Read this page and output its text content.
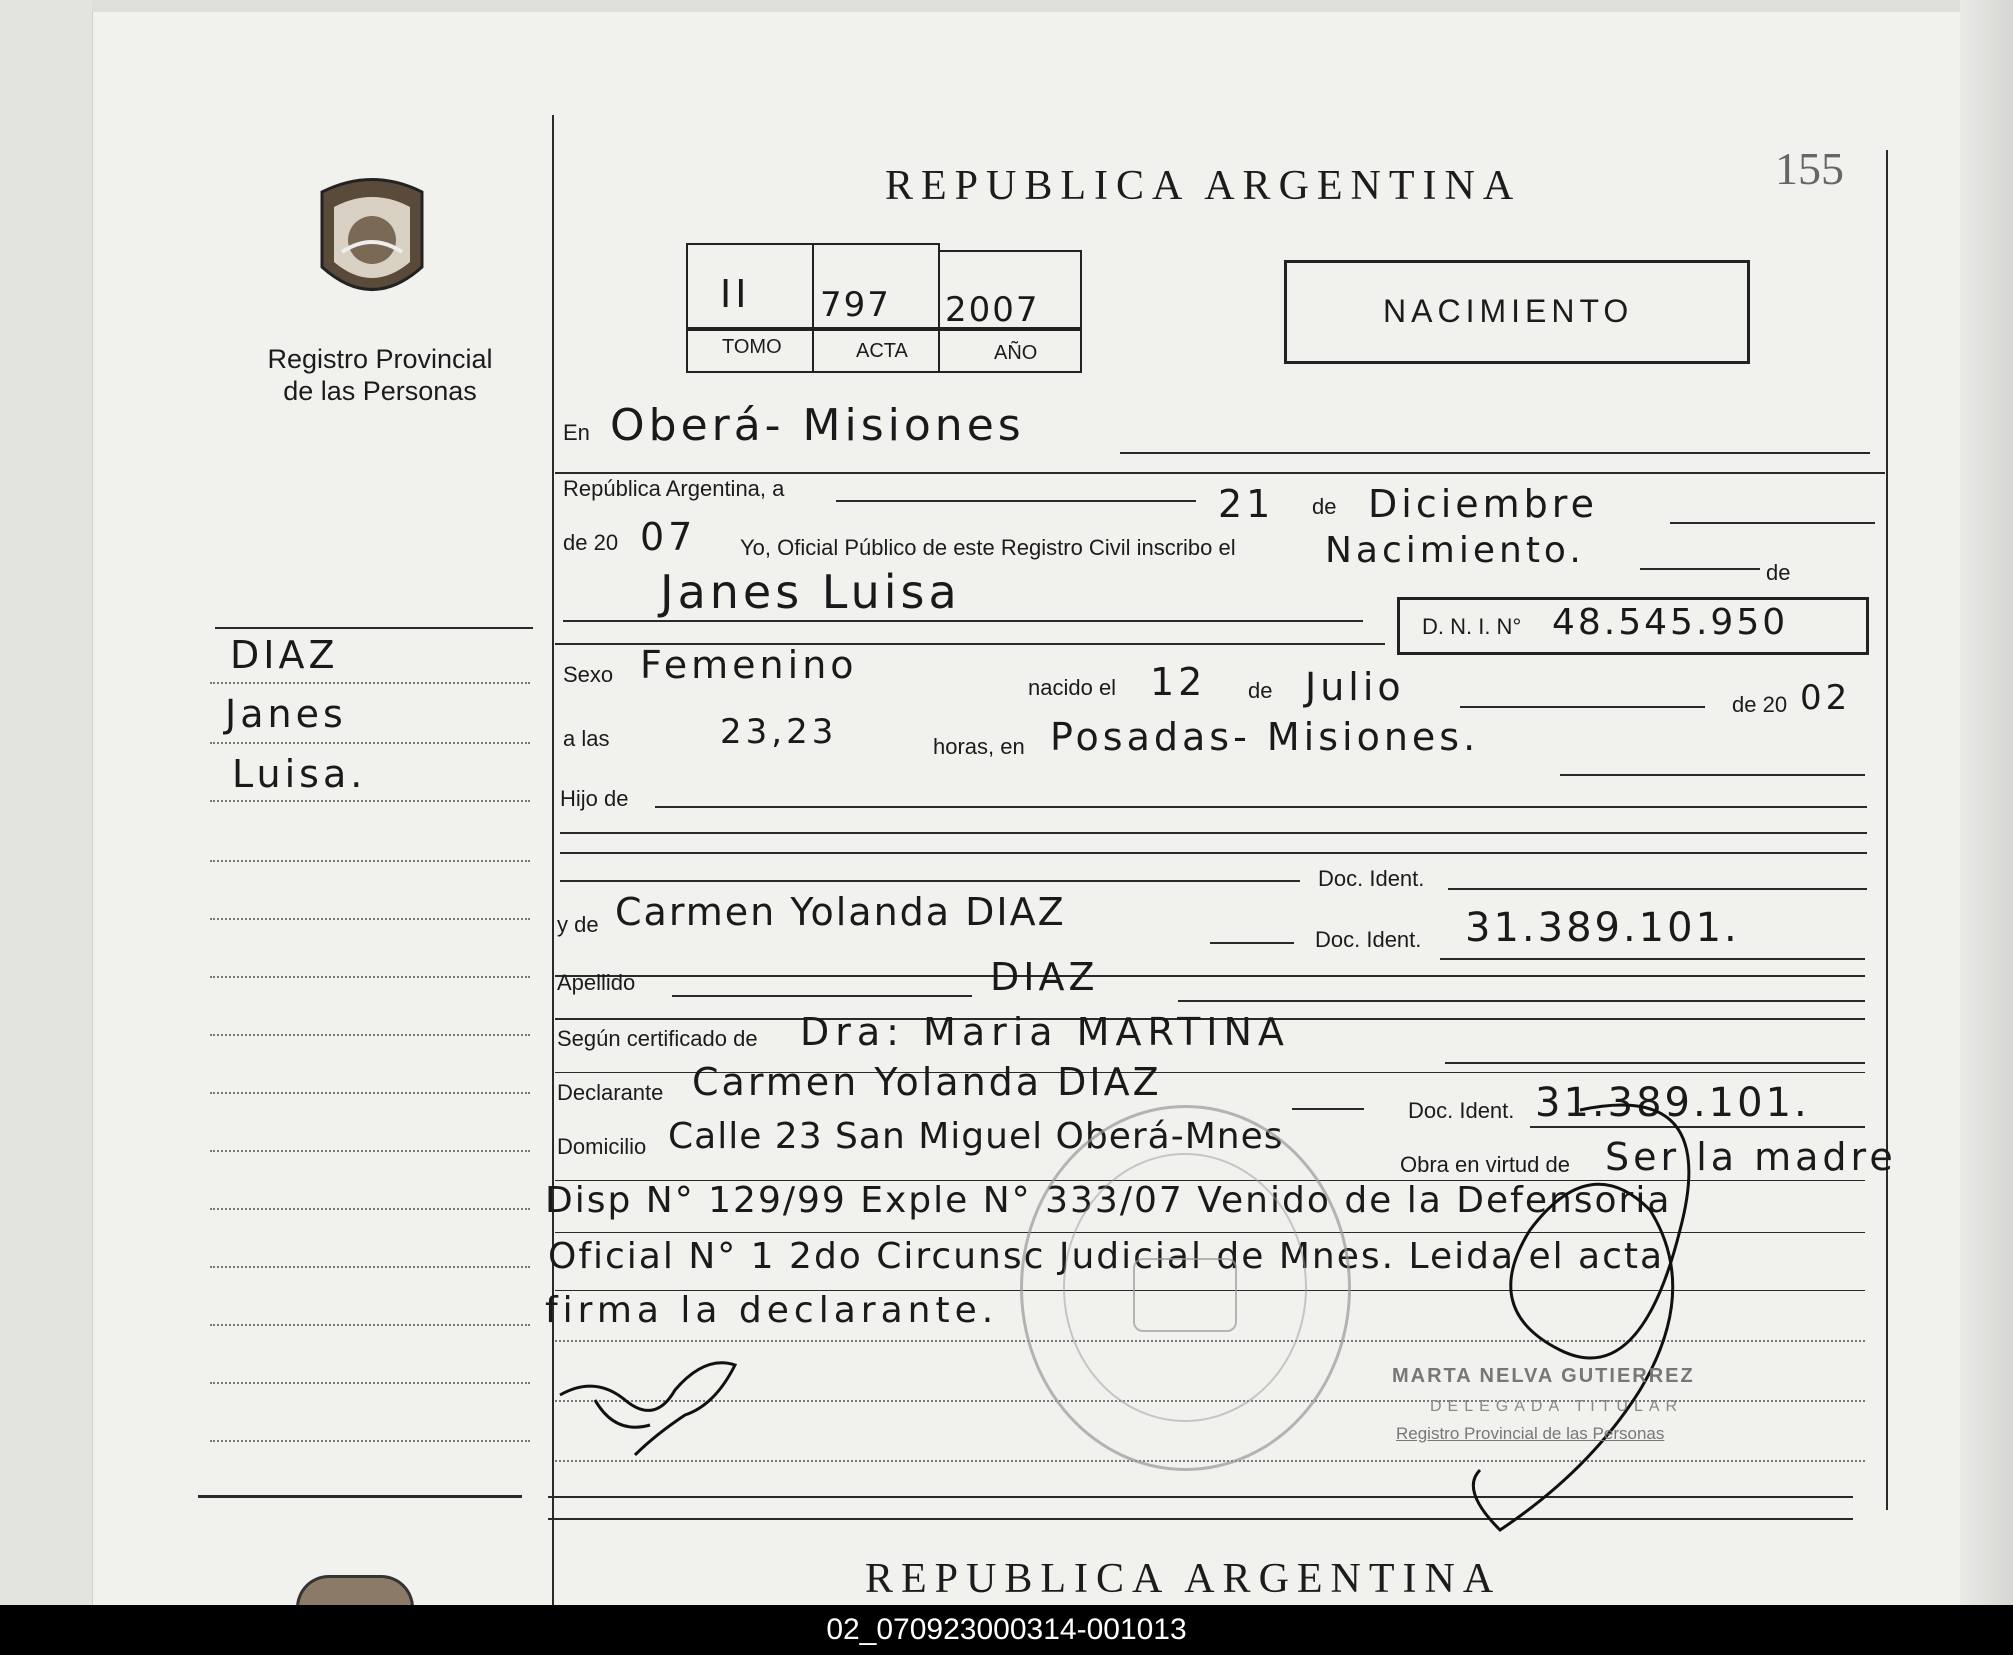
Registro Provincial
de las Personas
DIAZ
Janes
Luisa.
155
REPUBLICA ARGENTINA
II 797 2007
TOMO	ACTA	AÑO
NACIMIENTO
En Oberá- Misiones
República Argentina, a	21 de Diciembre
de 20 07 Yo, Oficial Público de este Registro Civil inscribo el Nacimiento.
de
Janes Luisa
D. N. I. N° 48.545.950
Sexo Femenino
nacido el 12 de Julio	de 20 02
a las	23,23	horas, en Posadas- Misiones.
Hijo de
Doc. Ident.
y de Carmen Yolanda DIAZ
Doc. Ident. 31.389.101.
Apellido	DIAZ
Según certificado de Dra: Maria MARTINA
Declarante Carmen Yolanda DIAZ
Doc. Ident. 31.389.101.
Domicilio Calle 23 San Miguel Oberá-Mnes
Obra en virtud de Ser la madre
Disp N° 129/99 Exple N° 333/07 Venido de la Defensoria
Oficial N° 1 2do Circunsc Judicial de Mnes. Leida el acta
firma la declarante.
MARTA NELVA GUTIERREZ
DELEGADA TITULAR
Registro Provincial de las Personas
REPUBLICA ARGENTINA
02_070923000314-001013
